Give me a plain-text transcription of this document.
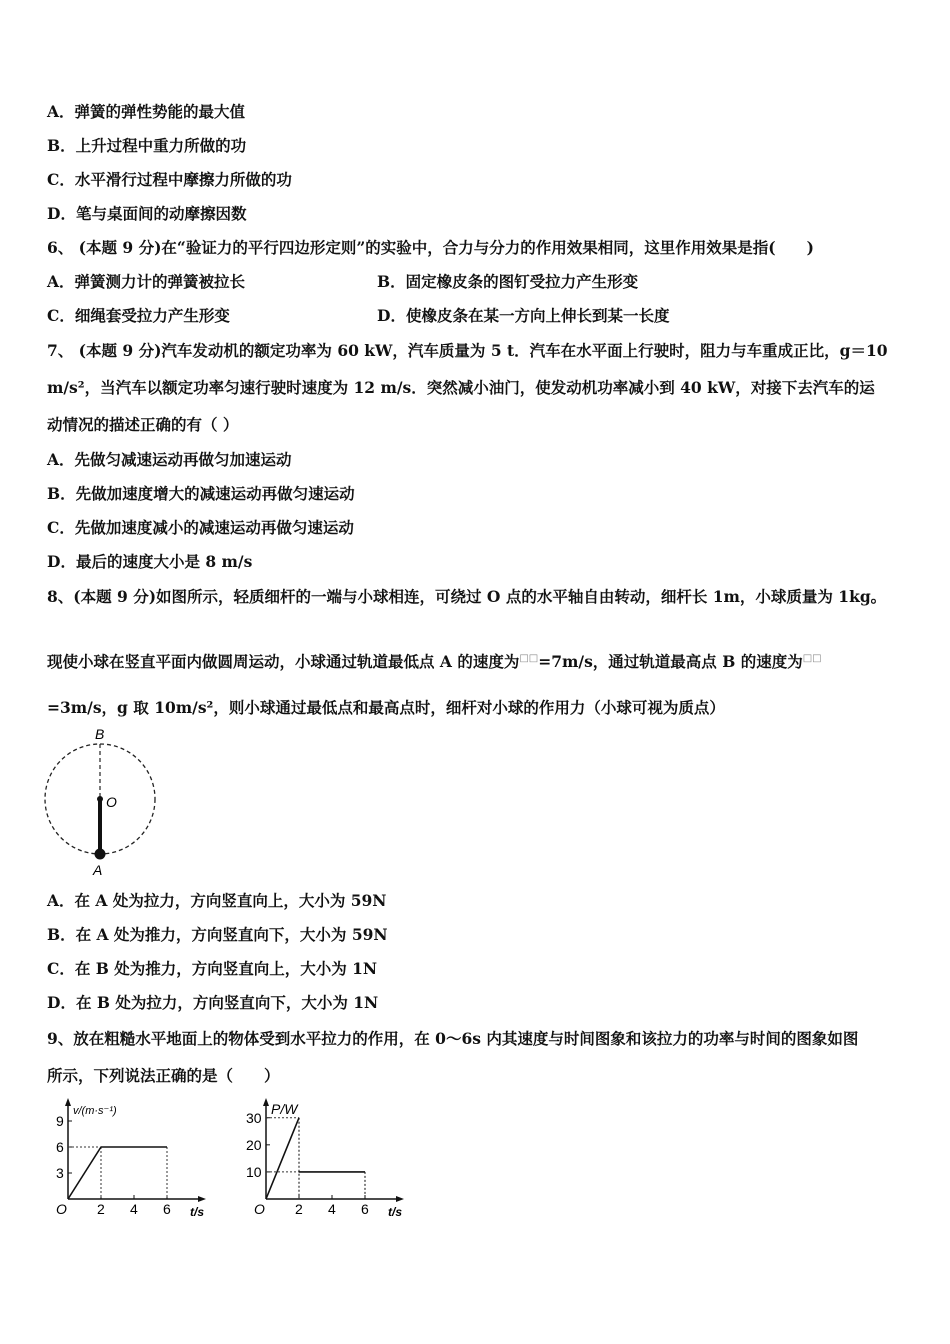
A．弹簧的弹性势能的最大值
B．上升过程中重力所做的功
C．水平滑行过程中摩擦力所做的功
D．笔与桌面间的动摩擦因数
6、 (本题 9 分)在“验证力的平行四边形定则”的实验中，合力与分力的作用效果相同，这里作用效果是指(　　)
A．弹簧测力计的弹簧被拉长	B．固定橡皮条的图钉受拉力产生形变
C．细绳套受拉力产生形变	D．使橡皮条在某一方向上伸长到某一长度
7、 (本题 9 分)汽车发动机的额定功率为 60 kW，汽车质量为 5 t．汽车在水平面上行驶时，阻力与车重成正比，g＝10
m/s²，当汽车以额定功率匀速行驶时速度为 12 m/s．突然减小油门，使发动机功率减小到 40 kW，对接下去汽车的运
动情况的描述正确的有（ ）
A．先做匀减速运动再做匀加速运动
B．先做加速度增大的减速运动再做匀速运动
C．先做加速度减小的减速运动再做匀速运动
D．最后的速度大小是 8 m/s
8、(本题 9 分)如图所示，轻质细杆的一端与小球相连，可绕过 O 点的水平轴自由转动，细杆长 1m，小球质量为 1kg。
现使小球在竖直平面内做圆周运动，小球通过轨道最低点 A 的速度为□□=7m/s，通过轨道最高点 B 的速度为□□
=3m/s，g 取 10m/s²，则小球通过最低点和最高点时，细杆对小球的作用力（小球可视为质点）
B
O
A
A．在 A 处为拉力，方向竖直向上，大小为 59N
B．在 A 处为推力，方向竖直向下，大小为 59N
C．在 B 处为推力，方向竖直向上，大小为 1N
D．在 B 处为拉力，方向竖直向下，大小为 1N
9、放在粗糙水平地面上的物体受到水平拉力的作用，在 0～6s 内其速度与时间图象和该拉力的功率与时间的图象如图
所示，下列说法正确的是（　　）
v/(m·s⁻¹)
t/s
O 2 4 6
3
6
9
P/W
t/s
O 2 4 6
10
20
30
